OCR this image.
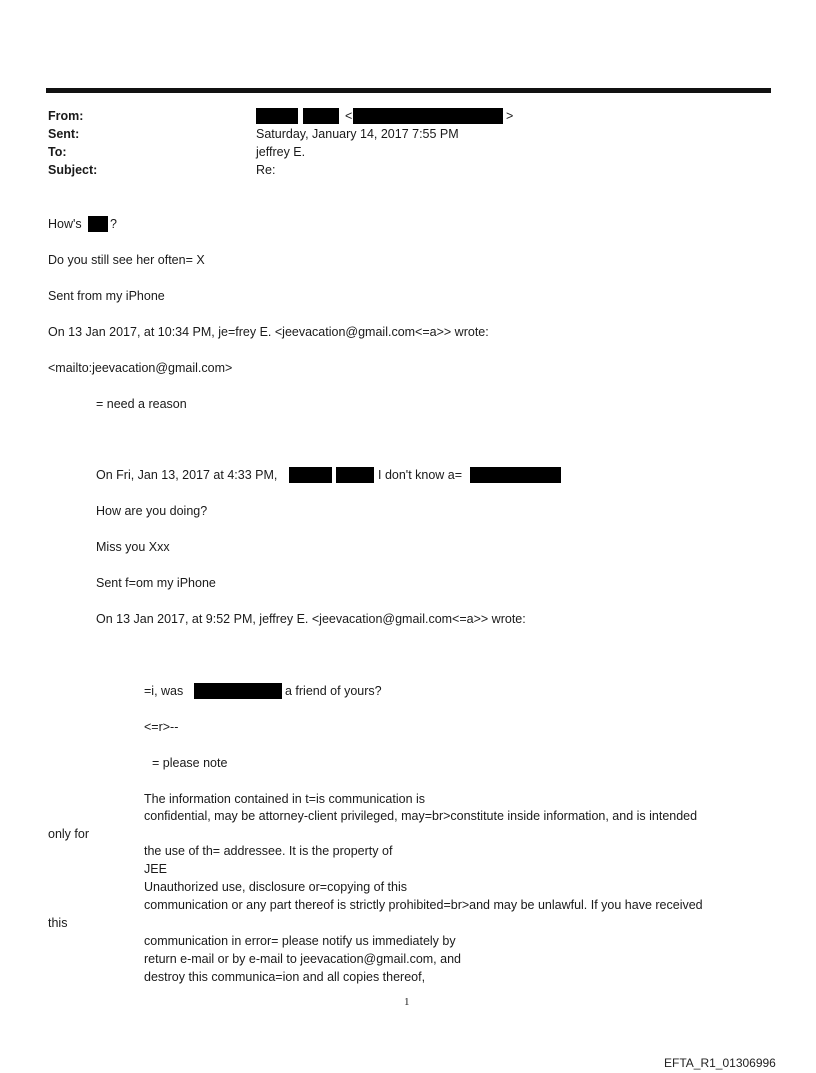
From:	<	>
Sent:	Saturday, January 14, 2017 7:55 PM
To:	jeffrey E.
Subject:	Re:
How's ?
Do you still see her often= X
Sent from my iPhone
On 13 Jan 2017, at 10:34 PM, je=frey E. <jeevacation@gmail.com<=a>> wrote:
<mailto:jeevacation@gmail.com>
= need a reason
On Fri, Jan 13, 2017 at 4:33 PM,	I don't know a=
How are you doing?
Miss you Xxx
Sent f=om my iPhone
On 13 Jan 2017, at 9:52 PM, jeffrey E. <jeevacation@gmail.com<=a>> wrote:
=i, was	a friend of yours?
<=r>--
= please note
The information contained in t=is communication is
confidential, may be attorney-client privileged, may=br>constitute inside information, and is intended
only for
the use of th= addressee. It is the property of
JEE
Unauthorized use, disclosure or=copying of this
communication or any part thereof is strictly prohibited=br>and may be unlawful. If you have received
this
communication in error= please notify us immediately by
return e-mail or by e-mail to jeevacation@gmail.com, and
destroy this communica=ion and all copies thereof,
1
EFTA_R1_01306996
